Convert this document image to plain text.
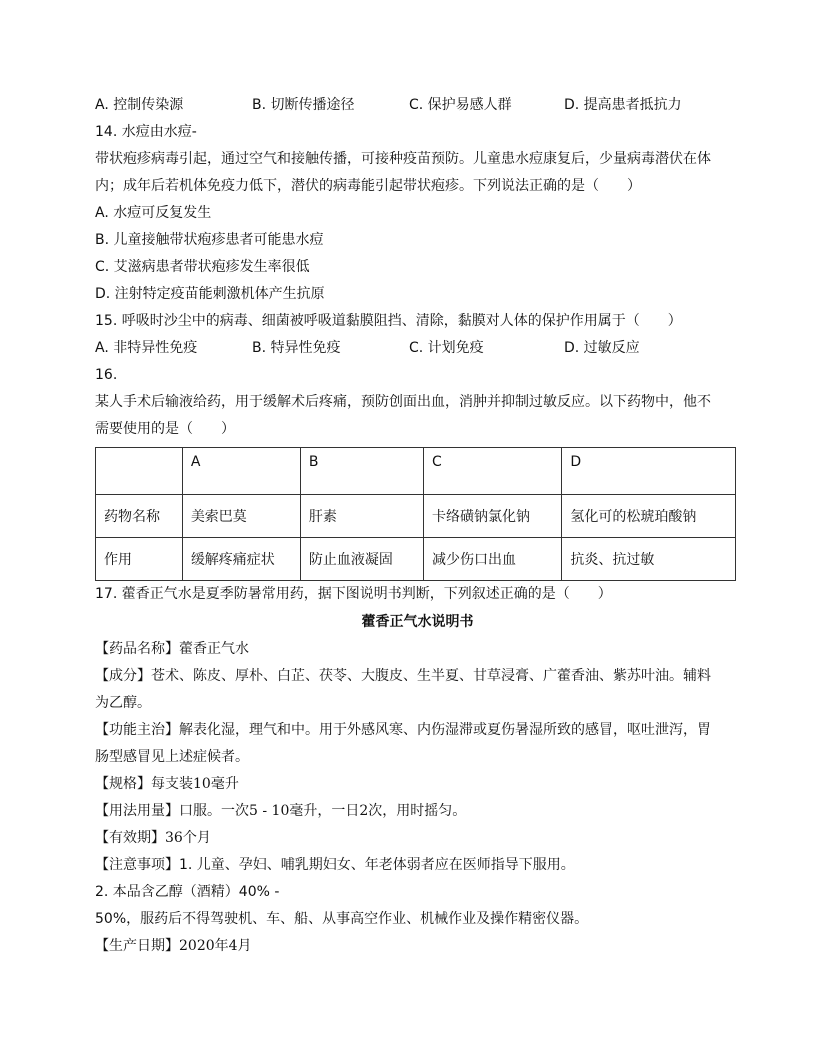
A. 控制传染源	B. 切断传播途径	C. 保护易感人群	D. 提高患者抵抗力
14. 水痘由水痘-
带状疱疹病毒引起，通过空气和接触传播，可接种疫苗预防。儿童患水痘康复后，少量病毒潜伏在体
内；成年后若机体免疫力低下，潜伏的病毒能引起带状疱疹。下列说法正确的是（　　）
A. 水痘可反复发生
B. 儿童接触带状疱疹患者可能患水痘
C. 艾滋病患者带状疱疹发生率很低
D. 注射特定疫苗能刺激机体产生抗原
15. 呼吸时沙尘中的病毒、细菌被呼吸道黏膜阻挡、清除，黏膜对人体的保护作用属于（　　）
A. 非特异性免疫	B. 特异性免疫	C. 计划免疫	D. 过敏反应
16.
某人手术后输液给药，用于缓解术后疼痛，预防创面出血，消肿并抑制过敏反应。以下药物中，他不
需要使用的是（　　）
	A	B	C	D
药物名称	美索巴莫	肝素	卡络磺钠氯化钠	氢化可的松琥珀酸钠
作用	缓解疼痛症状	防止血液凝固	减少伤口出血	抗炎、抗过敏
17. 藿香正气水是夏季防暑常用药，据下图说明书判断，下列叙述正确的是（　　）
藿香正气水说明书
【药品名称】藿香正气水
【成分】苍术、陈皮、厚朴、白芷、茯苓、大腹皮、生半夏、甘草浸膏、广藿香油、紫苏叶油。辅料
为乙醇。
【功能主治】解表化湿，理气和中。用于外感风寒、内伤湿滞或夏伤暑湿所致的感冒，呕吐泄泻，胃
肠型感冒见上述症候者。
【规格】每支装10毫升
【用法用量】口服。一次5 - 10毫升，一日2次，用时摇匀。
【有效期】36个月
【注意事项】1. 儿童、孕妇、哺乳期妇女、年老体弱者应在医师指导下服用。
2. 本品含乙醇（酒精）40% -
50%，服药后不得驾驶机、车、船、从事高空作业、机械作业及操作精密仪器。
【生产日期】2020年4月
